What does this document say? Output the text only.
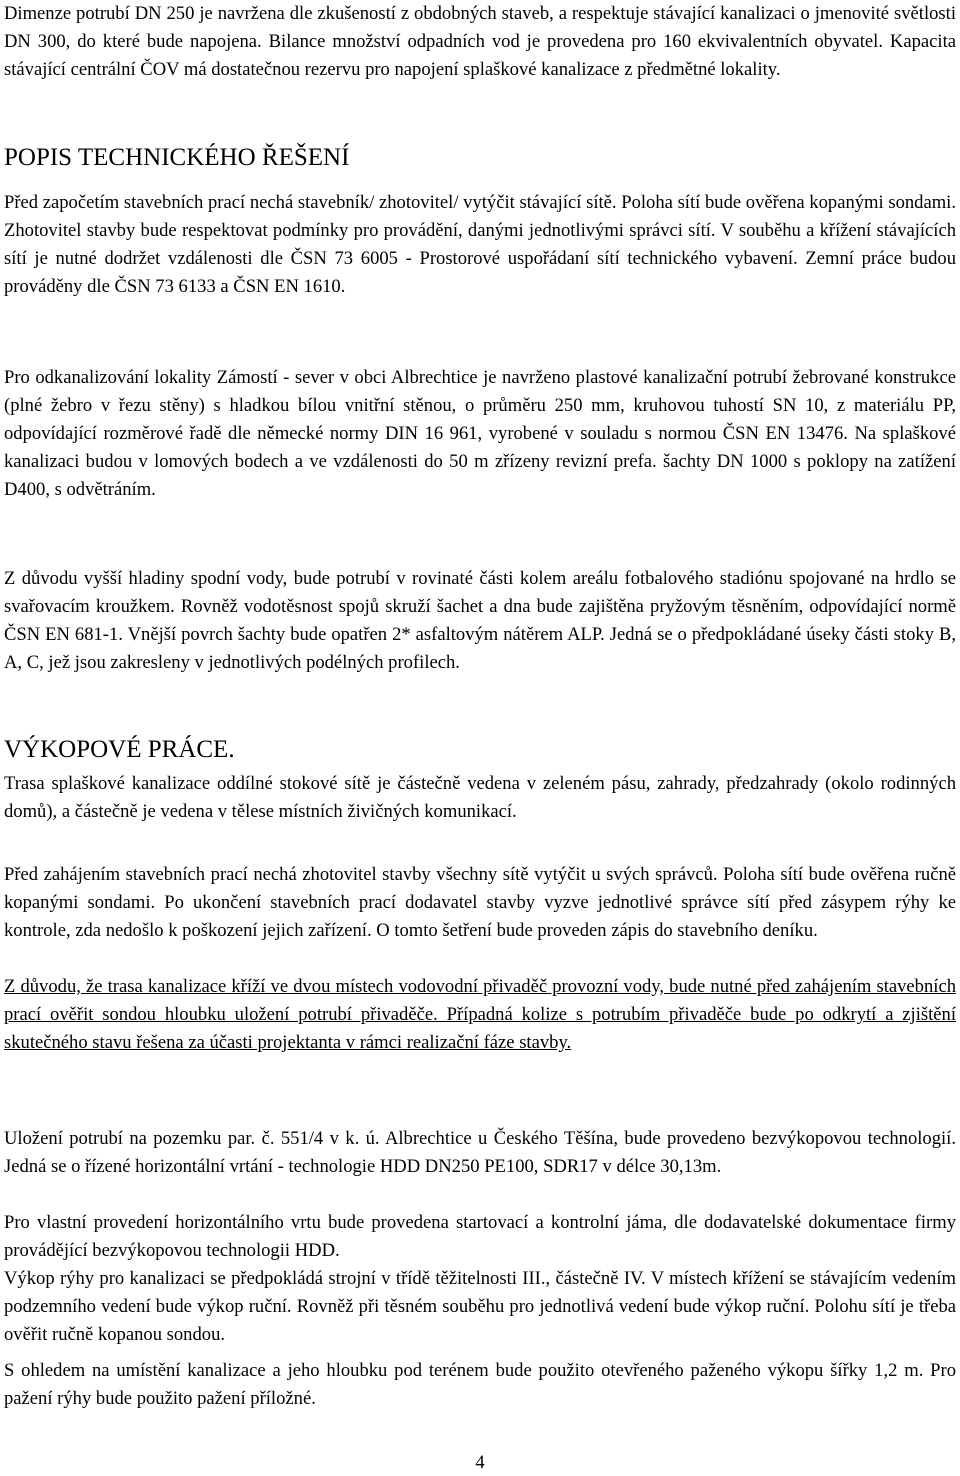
Dimenze potrubí DN 250 je navržena dle zkušeností z obdobných staveb, a respektuje stávající kanalizaci o jmenovité světlosti DN 300, do které bude napojena. Bilance množství odpadních vod je provedena pro 160 ekvivalentních obyvatel. Kapacita stávající centrální ČOV má dostatečnou rezervu pro napojení splaškové kanalizace z předmětné lokality.

POPIS TECHNICKÉHO ŘEŠENÍ

Před započetím stavebních prací nechá stavebník/ zhotovitel/ vytýčit stávající sítě. Poloha sítí bude ověřena kopanými sondami. Zhotovitel stavby bude respektovat podmínky pro provádění, danými jednotlivými správci sítí. V souběhu a křížení stávajících sítí je nutné dodržet vzdálenosti dle ČSN 73 6005 - Prostorové uspořádaní sítí technického vybavení. Zemní práce budou prováděny dle ČSN 73 6133 a ČSN EN 1610.

Pro odkanalizování lokality Zámostí - sever v obci Albrechtice je navrženo plastové kanalizační potrubí žebrované konstrukce (plné žebro v řezu stěny) s hladkou bílou vnitřní stěnou, o průměru 250 mm, kruhovou tuhostí SN 10, z materiálu PP, odpovídající rozměrové řadě dle německé normy DIN 16 961, vyrobené v souladu s normou ČSN EN 13476. Na splaškové kanalizaci budou v lomových bodech a ve vzdálenosti do 50 m zřízeny revizní prefa. šachty DN 1000 s poklopy na zatížení D400, s odvětráním.

Z důvodu vyšší hladiny spodní vody, bude potrubí v rovinaté části kolem areálu fotbalového stadiónu spojované na hrdlo se svařovacím kroužkem. Rovněž vodotěsnost spojů skruží šachet a dna bude zajištěna pryžovým těsněním, odpovídající normě ČSN EN 681-1. Vnější povrch šachty bude opatřen 2* asfaltovým nátěrem ALP. Jedná se o předpokládané úseky části stoky B, A, C, jež jsou zakresleny v jednotlivých podélných profilech.

VÝKOPOVÉ PRÁCE.

Trasa splaškové kanalizace oddílné stokové sítě je částečně vedena v zeleném pásu, zahrady, předzahrady (okolo rodinných domů), a částečně je vedena v tělese místních živičných komunikací.

Před zahájením stavebních prací nechá zhotovitel stavby všechny sítě vytýčit u svých správců. Poloha sítí bude ověřena ručně kopanými sondami. Po ukončení stavebních prací dodavatel stavby vyzve jednotlivé správce sítí před zásypem rýhy ke kontrole, zda nedošlo k poškození jejich zařízení. O tomto šetření bude proveden zápis do stavebního deníku.

Z důvodu, že trasa kanalizace kříží ve dvou místech vodovodní přivaděč provozní vody, bude nutné před zahájením stavebních prací ověřit sondou hloubku uložení potrubí přivaděče. Případná kolize s potrubím přivaděče bude po odkrytí a zjištění skutečného stavu řešena za účasti projektanta v rámci realizační fáze stavby.

Uložení potrubí na pozemku par. č. 551/4 v k. ú. Albrechtice u Českého Těšína, bude provedeno bezvýkopovou technologií. Jedná se o řízené horizontální vrtání - technologie HDD DN250 PE100, SDR17 v délce 30,13m.

Pro vlastní provedení horizontálního vrtu bude provedena startovací a kontrolní jáma, dle dodavatelské dokumentace firmy provádějící bezvýkopovou technologii HDD.

Výkop rýhy pro kanalizaci se předpokládá strojní v třídě těžitelnosti III., částečně IV. V místech křížení se stávajícím vedením podzemního vedení bude výkop ruční. Rovněž při těsném souběhu pro jednotlivá vedení bude výkop ruční. Polohu sítí je třeba ověřit ručně kopanou sondou.

S ohledem na umístění kanalizace a jeho hloubku pod terénem bude použito otevřeného paženého výkopu šířky 1,2 m. Pro pažení rýhy bude použito pažení příložné.

4
